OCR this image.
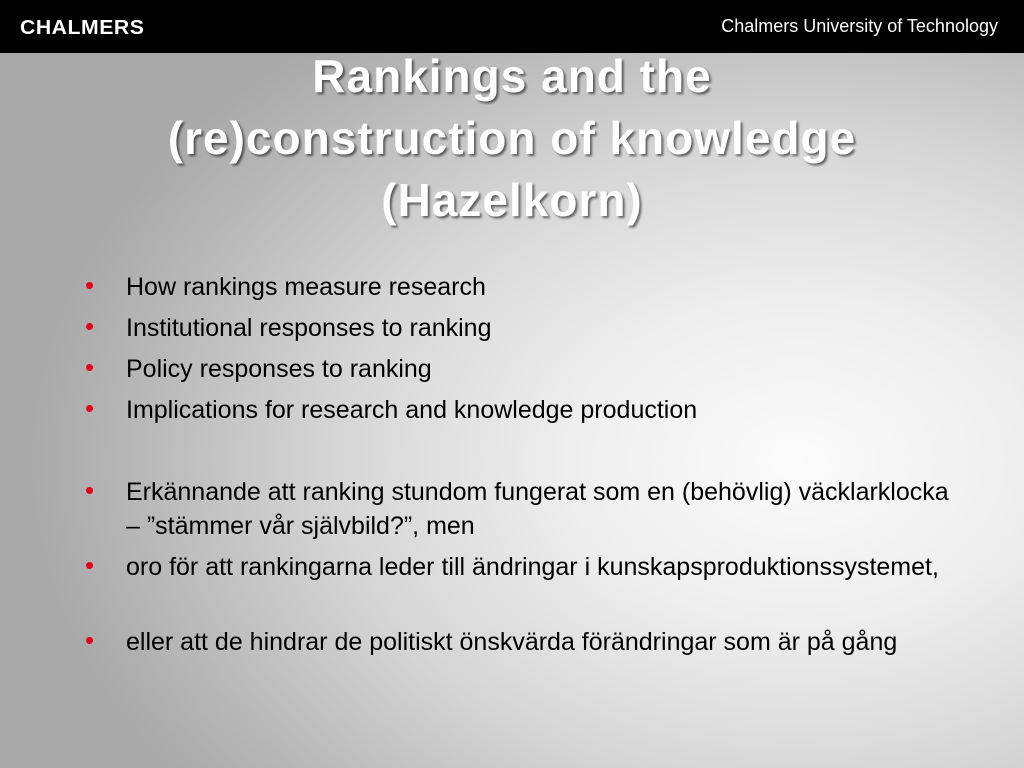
CHALMERS	Chalmers University of Technology
Rankings and the
(re)construction of knowledge
(Hazelkorn)
• How rankings measure research
• Institutional responses to ranking
• Policy responses to ranking
• Implications for research and knowledge production
• Erkännande att ranking stundom fungerat som en (behövlig) väcklarklocka – ”stämmer vår självbild?”, men
• oro för att rankingarna leder till ändringar i kunskapsproduktionssystemet,
• eller att de hindrar de politiskt önskvärda förändringar som är på gång
